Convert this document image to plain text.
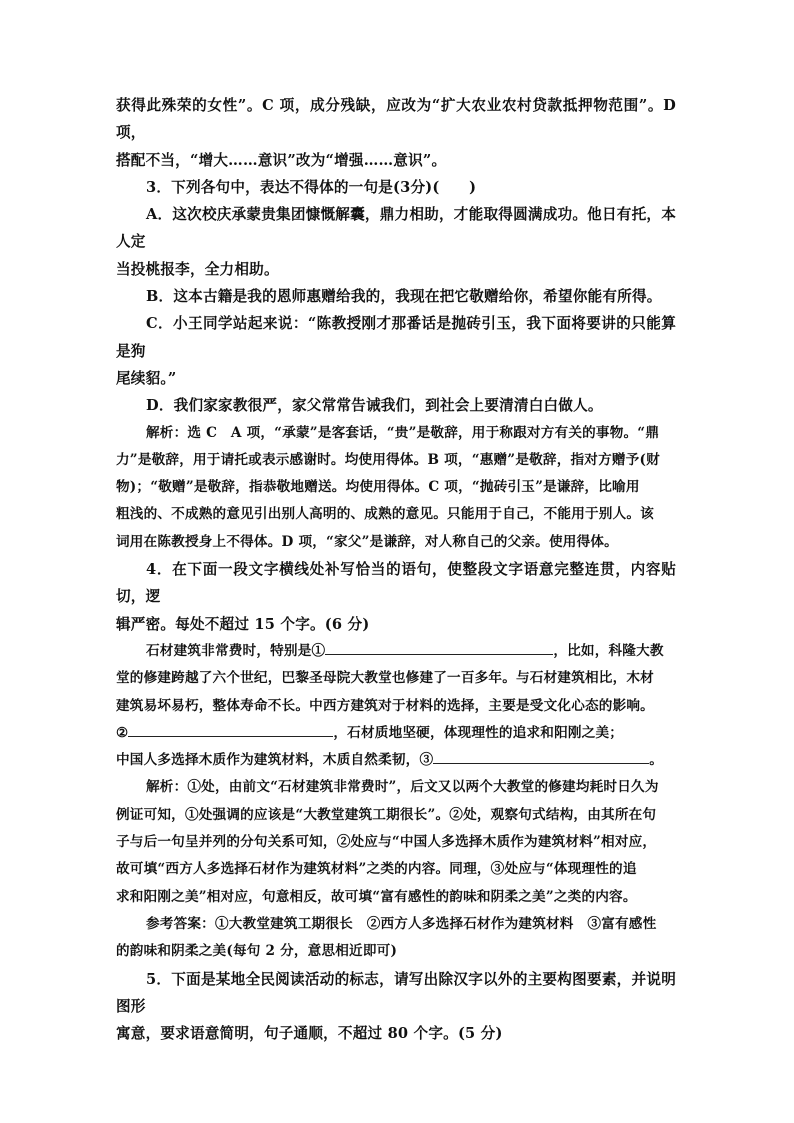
获得此殊荣的女性”。C 项，成分残缺，应改为“扩大农业农村贷款抵押物范围”。D 项，

搭配不当，“增大……意识”改为“增强……意识”。

3．下列各句中，表达不得体的一句是(3分)(　　)

A．这次校庆承蒙贵集团慷慨解囊，鼎力相助，才能取得圆满成功。他日有托，本人定

当投桃报李，全力相助。

B．这本古籍是我的恩师惠赠给我的，我现在把它敬赠给你，希望你能有所得。

C．小王同学站起来说：“陈教授刚才那番话是抛砖引玉，我下面将要讲的只能算是狗

尾续貂。”

D．我们家家教很严，家父常常告诫我们，到社会上要清清白白做人。

解析：选 C　A 项，“承蒙”是客套话，“贵”是敬辞，用于称跟对方有关的事物。“鼎

力”是敬辞，用于请托或表示感谢时。均使用得体。B 项，“惠赠”是敬辞，指对方赠予(财

物)；“敬赠”是敬辞，指恭敬地赠送。均使用得体。C 项，“抛砖引玉”是谦辞，比喻用

粗浅的、不成熟的意见引出别人高明的、成熟的意见。只能用于自己，不能用于别人。该

词用在陈教授身上不得体。D 项，“家父”是谦辞，对人称自己的父亲。使用得体。

4．在下面一段文字横线处补写恰当的语句，使整段文字语意完整连贯，内容贴切，逻

辑严密。每处不超过 15 个字。(6 分)

石材建筑非常费时，特别是①	，比如，科隆大教

堂的修建跨越了六个世纪，巴黎圣母院大教堂也修建了一百多年。与石材建筑相比，木材

建筑易坏易朽，整体寿命不长。中西方建筑对于材料的选择，主要是受文化心态的影响。

②	，石材质地坚硬，体现理性的追求和阳刚之美；

中国人多选择木质作为建筑材料，木质自然柔韧，③	。

解析：①处，由前文“石材建筑非常费时”，后文又以两个大教堂的修建均耗时日久为

例证可知，①处强调的应该是“大教堂建筑工期很长”。②处，观察句式结构，由其所在句

子与后一句呈并列的分句关系可知，②处应与“中国人多选择木质作为建筑材料”相对应，

故可填“西方人多选择石材作为建筑材料”之类的内容。同理，③处应与“体现理性的追

求和阳刚之美”相对应，句意相反，故可填“富有感性的韵味和阴柔之美”之类的内容。

参考答案：①大教堂建筑工期很长　②西方人多选择石材作为建筑材料　③富有感性

的韵味和阴柔之美(每句 2 分，意思相近即可)

5．下面是某地全民阅读活动的标志，请写出除汉字以外的主要构图要素，并说明图形

寓意，要求语意简明，句子通顺，不超过 80 个字。(5 分)
